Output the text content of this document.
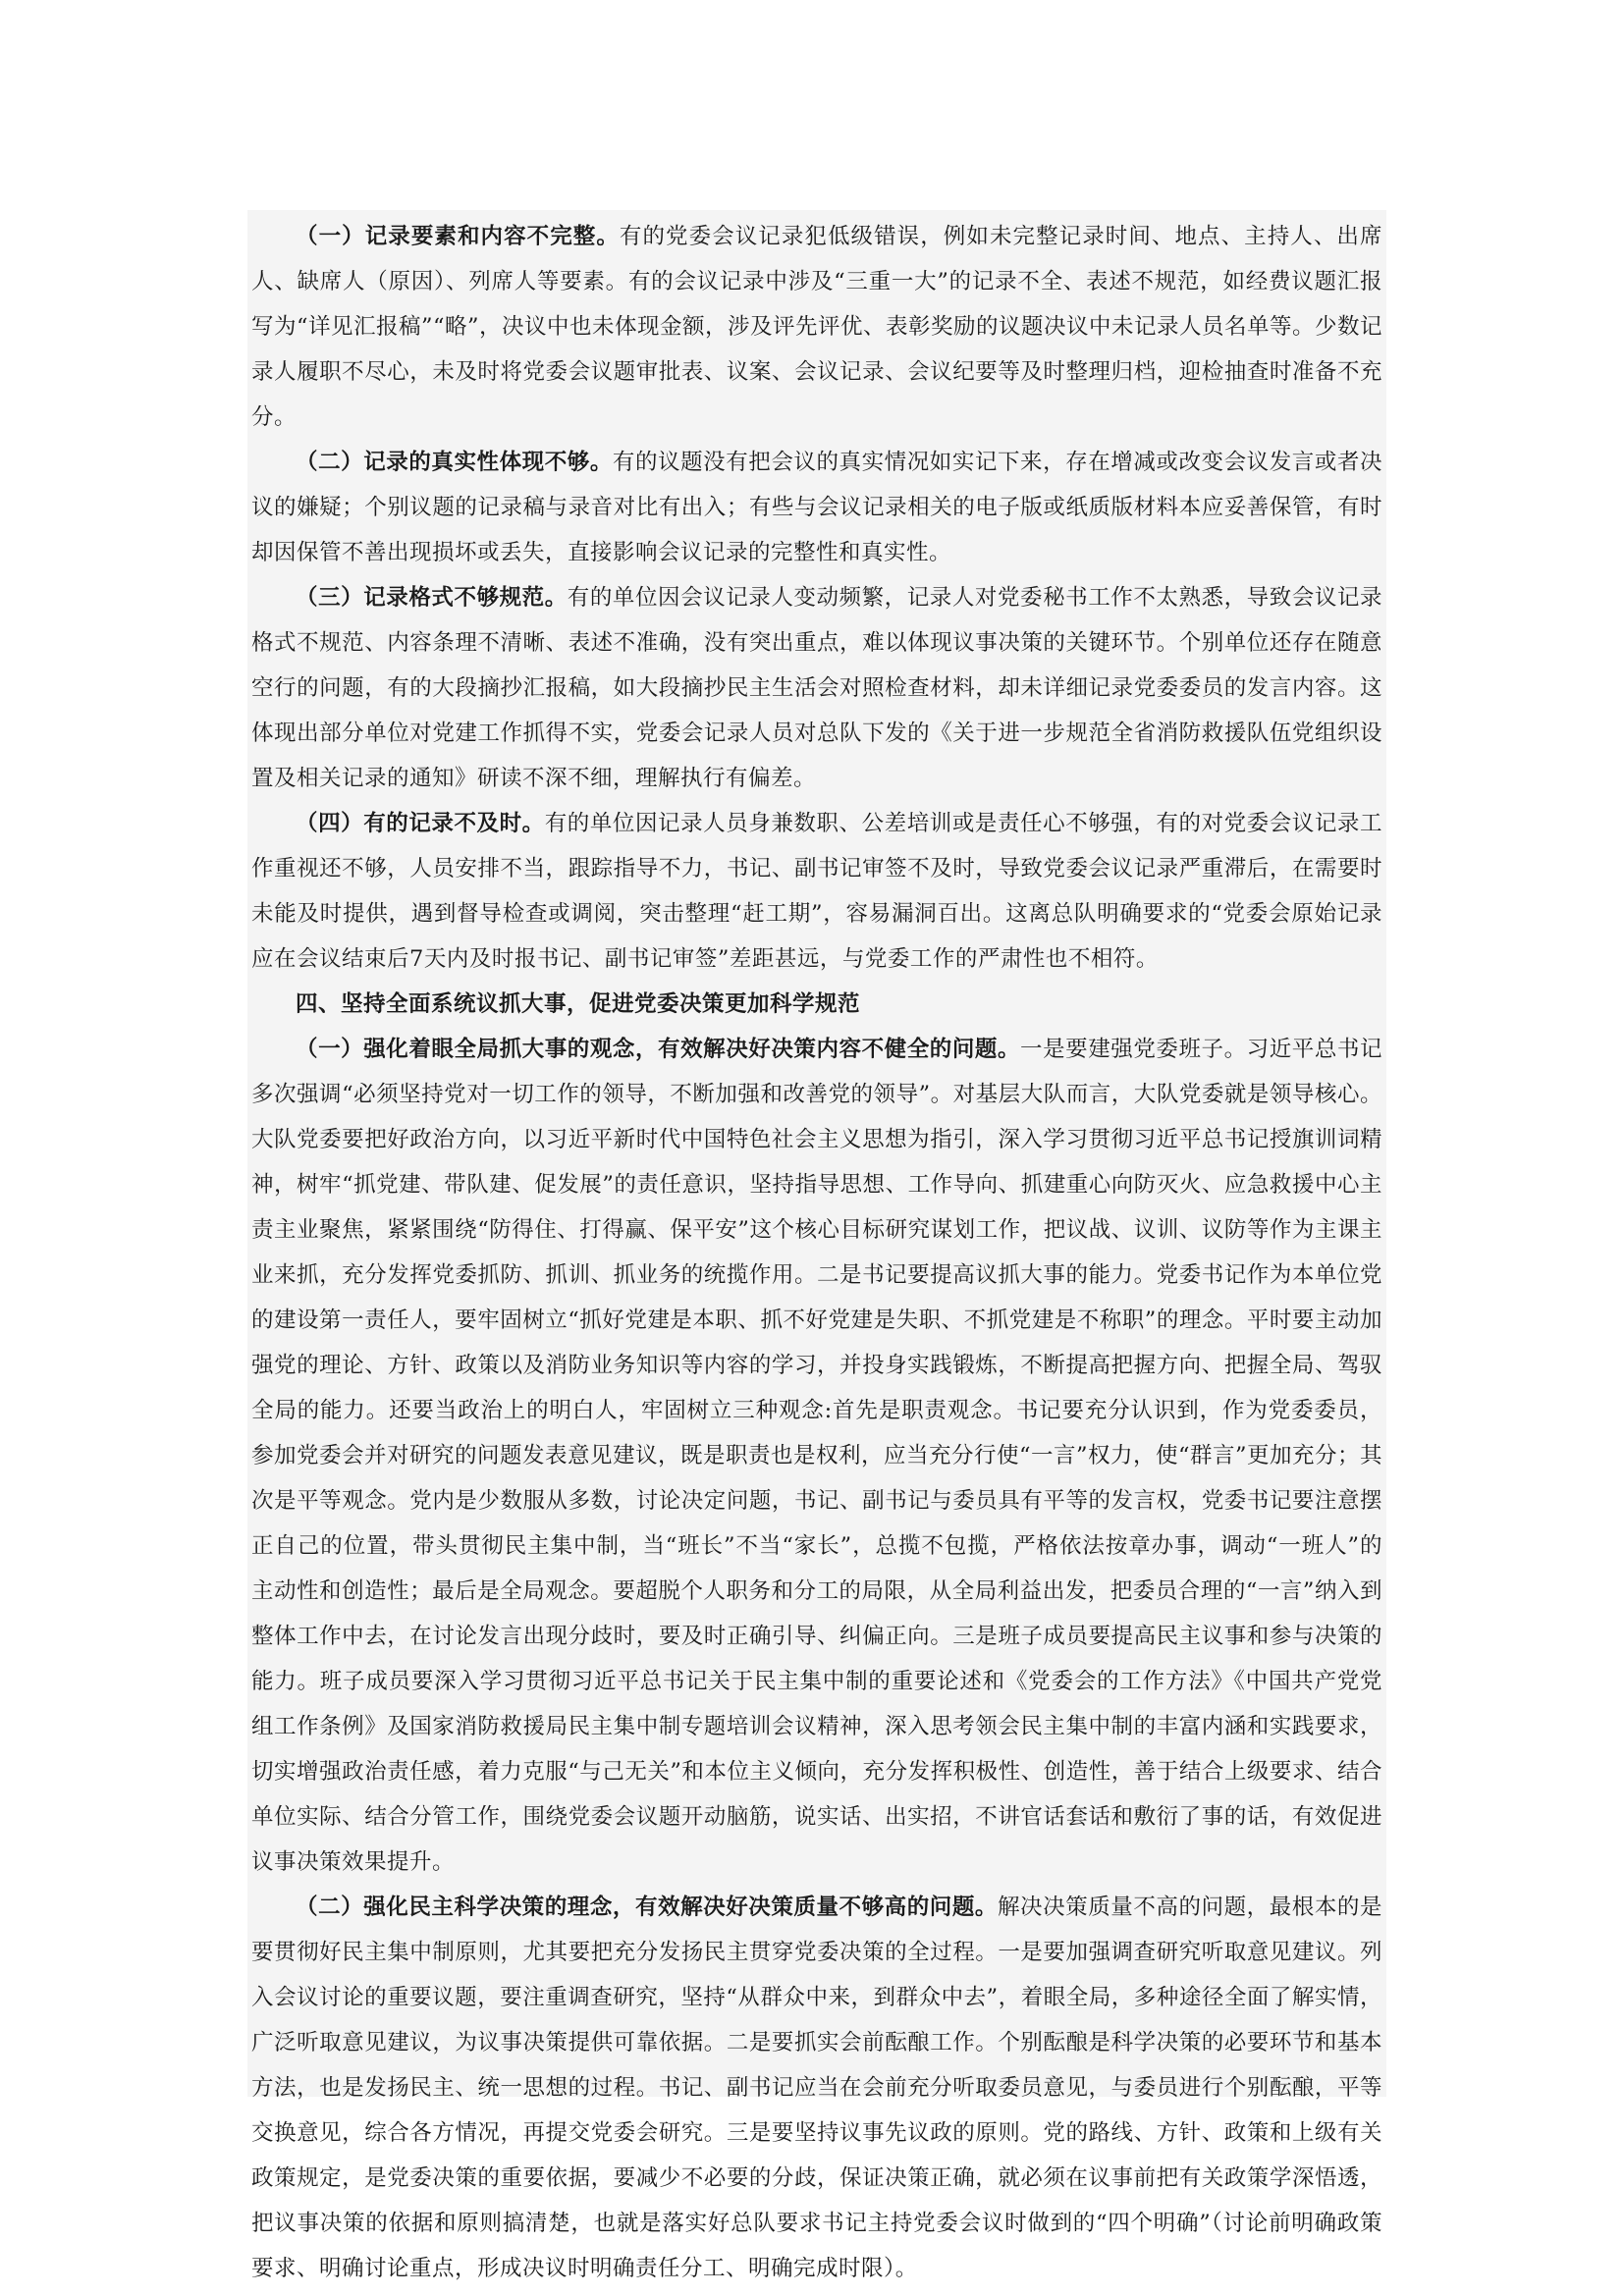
（一）记录要素和内容不完整。有的党委会议记录犯低级错误，例如未完整记录时间、地点、主持人、出席人、缺席人（原因）、列席人等要素。有的会议记录中涉及“三重一大”的记录不全、表述不规范，如经费议题汇报写为“详见汇报稿”“略”，决议中也未体现金额，涉及评先评优、表彰奖励的议题决议中未记录人员名单等。少数记录人履职不尽心，未及时将党委会议题审批表、议案、会议记录、会议纪要等及时整理归档，迎检抽查时准备不充分。

（二）记录的真实性体现不够。有的议题没有把会议的真实情况如实记下来，存在增减或改变会议发言或者决议的嫌疑；个别议题的记录稿与录音对比有出入；有些与会议记录相关的电子版或纸质版材料本应妥善保管，有时却因保管不善出现损坏或丢失，直接影响会议记录的完整性和真实性。

（三）记录格式不够规范。有的单位因会议记录人变动频繁，记录人对党委秘书工作不太熟悉，导致会议记录格式不规范、内容条理不清晰、表述不准确，没有突出重点，难以体现议事决策的关键环节。个别单位还存在随意空行的问题，有的大段摘抄汇报稿，如大段摘抄民主生活会对照检查材料，却未详细记录党委委员的发言内容。这体现出部分单位对党建工作抓得不实，党委会记录人员对总队下发的《关于进一步规范全省消防救援队伍党组织设置及相关记录的通知》研读不深不细，理解执行有偏差。

（四）有的记录不及时。有的单位因记录人员身兼数职、公差培训或是责任心不够强，有的对党委会议记录工作重视还不够，人员安排不当，跟踪指导不力，书记、副书记审签不及时，导致党委会议记录严重滞后，在需要时未能及时提供，遇到督导检查或调阅，突击整理“赶工期”，容易漏洞百出。这离总队明确要求的“党委会原始记录应在会议结束后7天内及时报书记、副书记审签”差距甚远，与党委工作的严肃性也不相符。

四、坚持全面系统议抓大事，促进党委决策更加科学规范

（一）强化着眼全局抓大事的观念，有效解决好决策内容不健全的问题。一是要建强党委班子。习近平总书记多次强调“必须坚持党对一切工作的领导，不断加强和改善党的领导”。对基层大队而言，大队党委就是领导核心。大队党委要把好政治方向，以习近平新时代中国特色社会主义思想为指引，深入学习贯彻习近平总书记授旗训词精神，树牢“抓党建、带队建、促发展”的责任意识，坚持指导思想、工作导向、抓建重心向防灭火、应急救援中心主责主业聚焦，紧紧围绕“防得住、打得赢、保平安”这个核心目标研究谋划工作，把议战、议训、议防等作为主课主业来抓，充分发挥党委抓防、抓训、抓业务的统揽作用。二是书记要提高议抓大事的能力。党委书记作为本单位党的建设第一责任人，要牢固树立“抓好党建是本职、抓不好党建是失职、不抓党建是不称职”的理念。平时要主动加强党的理论、方针、政策以及消防业务知识等内容的学习，并投身实践锻炼，不断提高把握方向、把握全局、驾驭全局的能力。还要当政治上的明白人，牢固树立三种观念:首先是职责观念。书记要充分认识到，作为党委委员，参加党委会并对研究的问题发表意见建议，既是职责也是权利，应当充分行使“一言”权力，使“群言”更加充分；其次是平等观念。党内是少数服从多数，讨论决定问题，书记、副书记与委员具有平等的发言权，党委书记要注意摆正自己的位置，带头贯彻民主集中制，当“班长”不当“家长”，总揽不包揽，严格依法按章办事，调动“一班人”的主动性和创造性；最后是全局观念。要超脱个人职务和分工的局限，从全局利益出发，把委员合理的“一言”纳入到整体工作中去，在讨论发言出现分歧时，要及时正确引导、纠偏正向。三是班子成员要提高民主议事和参与决策的能力。班子成员要深入学习贯彻习近平总书记关于民主集中制的重要论述和《党委会的工作方法》《中国共产党党组工作条例》及国家消防救援局民主集中制专题培训会议精神，深入思考领会民主集中制的丰富内涵和实践要求，切实增强政治责任感，着力克服“与己无关”和本位主义倾向，充分发挥积极性、创造性，善于结合上级要求、结合单位实际、结合分管工作，围绕党委会议题开动脑筋，说实话、出实招，不讲官话套话和敷衍了事的话，有效促进议事决策效果提升。

（二）强化民主科学决策的理念，有效解决好决策质量不够高的问题。解决决策质量不高的问题，最根本的是要贯彻好民主集中制原则，尤其要把充分发扬民主贯穿党委决策的全过程。一是要加强调查研究听取意见建议。列入会议讨论的重要议题，要注重调查研究，坚持“从群众中来，到群众中去”，着眼全局，多种途径全面了解实情，广泛听取意见建议，为议事决策提供可靠依据。二是要抓实会前酝酿工作。个别酝酿是科学决策的必要环节和基本方法，也是发扬民主、统一思想的过程。书记、副书记应当在会前充分听取委员意见，与委员进行个别酝酿，平等交换意见，综合各方情况，再提交党委会研究。三是要坚持议事先议政的原则。党的路线、方针、政策和上级有关政策规定，是党委决策的重要依据，要减少不必要的分歧，保证决策正确，就必须在议事前把有关政策学深悟透，把议事决策的依据和原则搞清楚，也就是落实好总队要求书记主持党委会议时做到的“四个明确”（讨论前明确政策要求、明确讨论重点，形成决议时明确责任分工、明确完成时限）。
